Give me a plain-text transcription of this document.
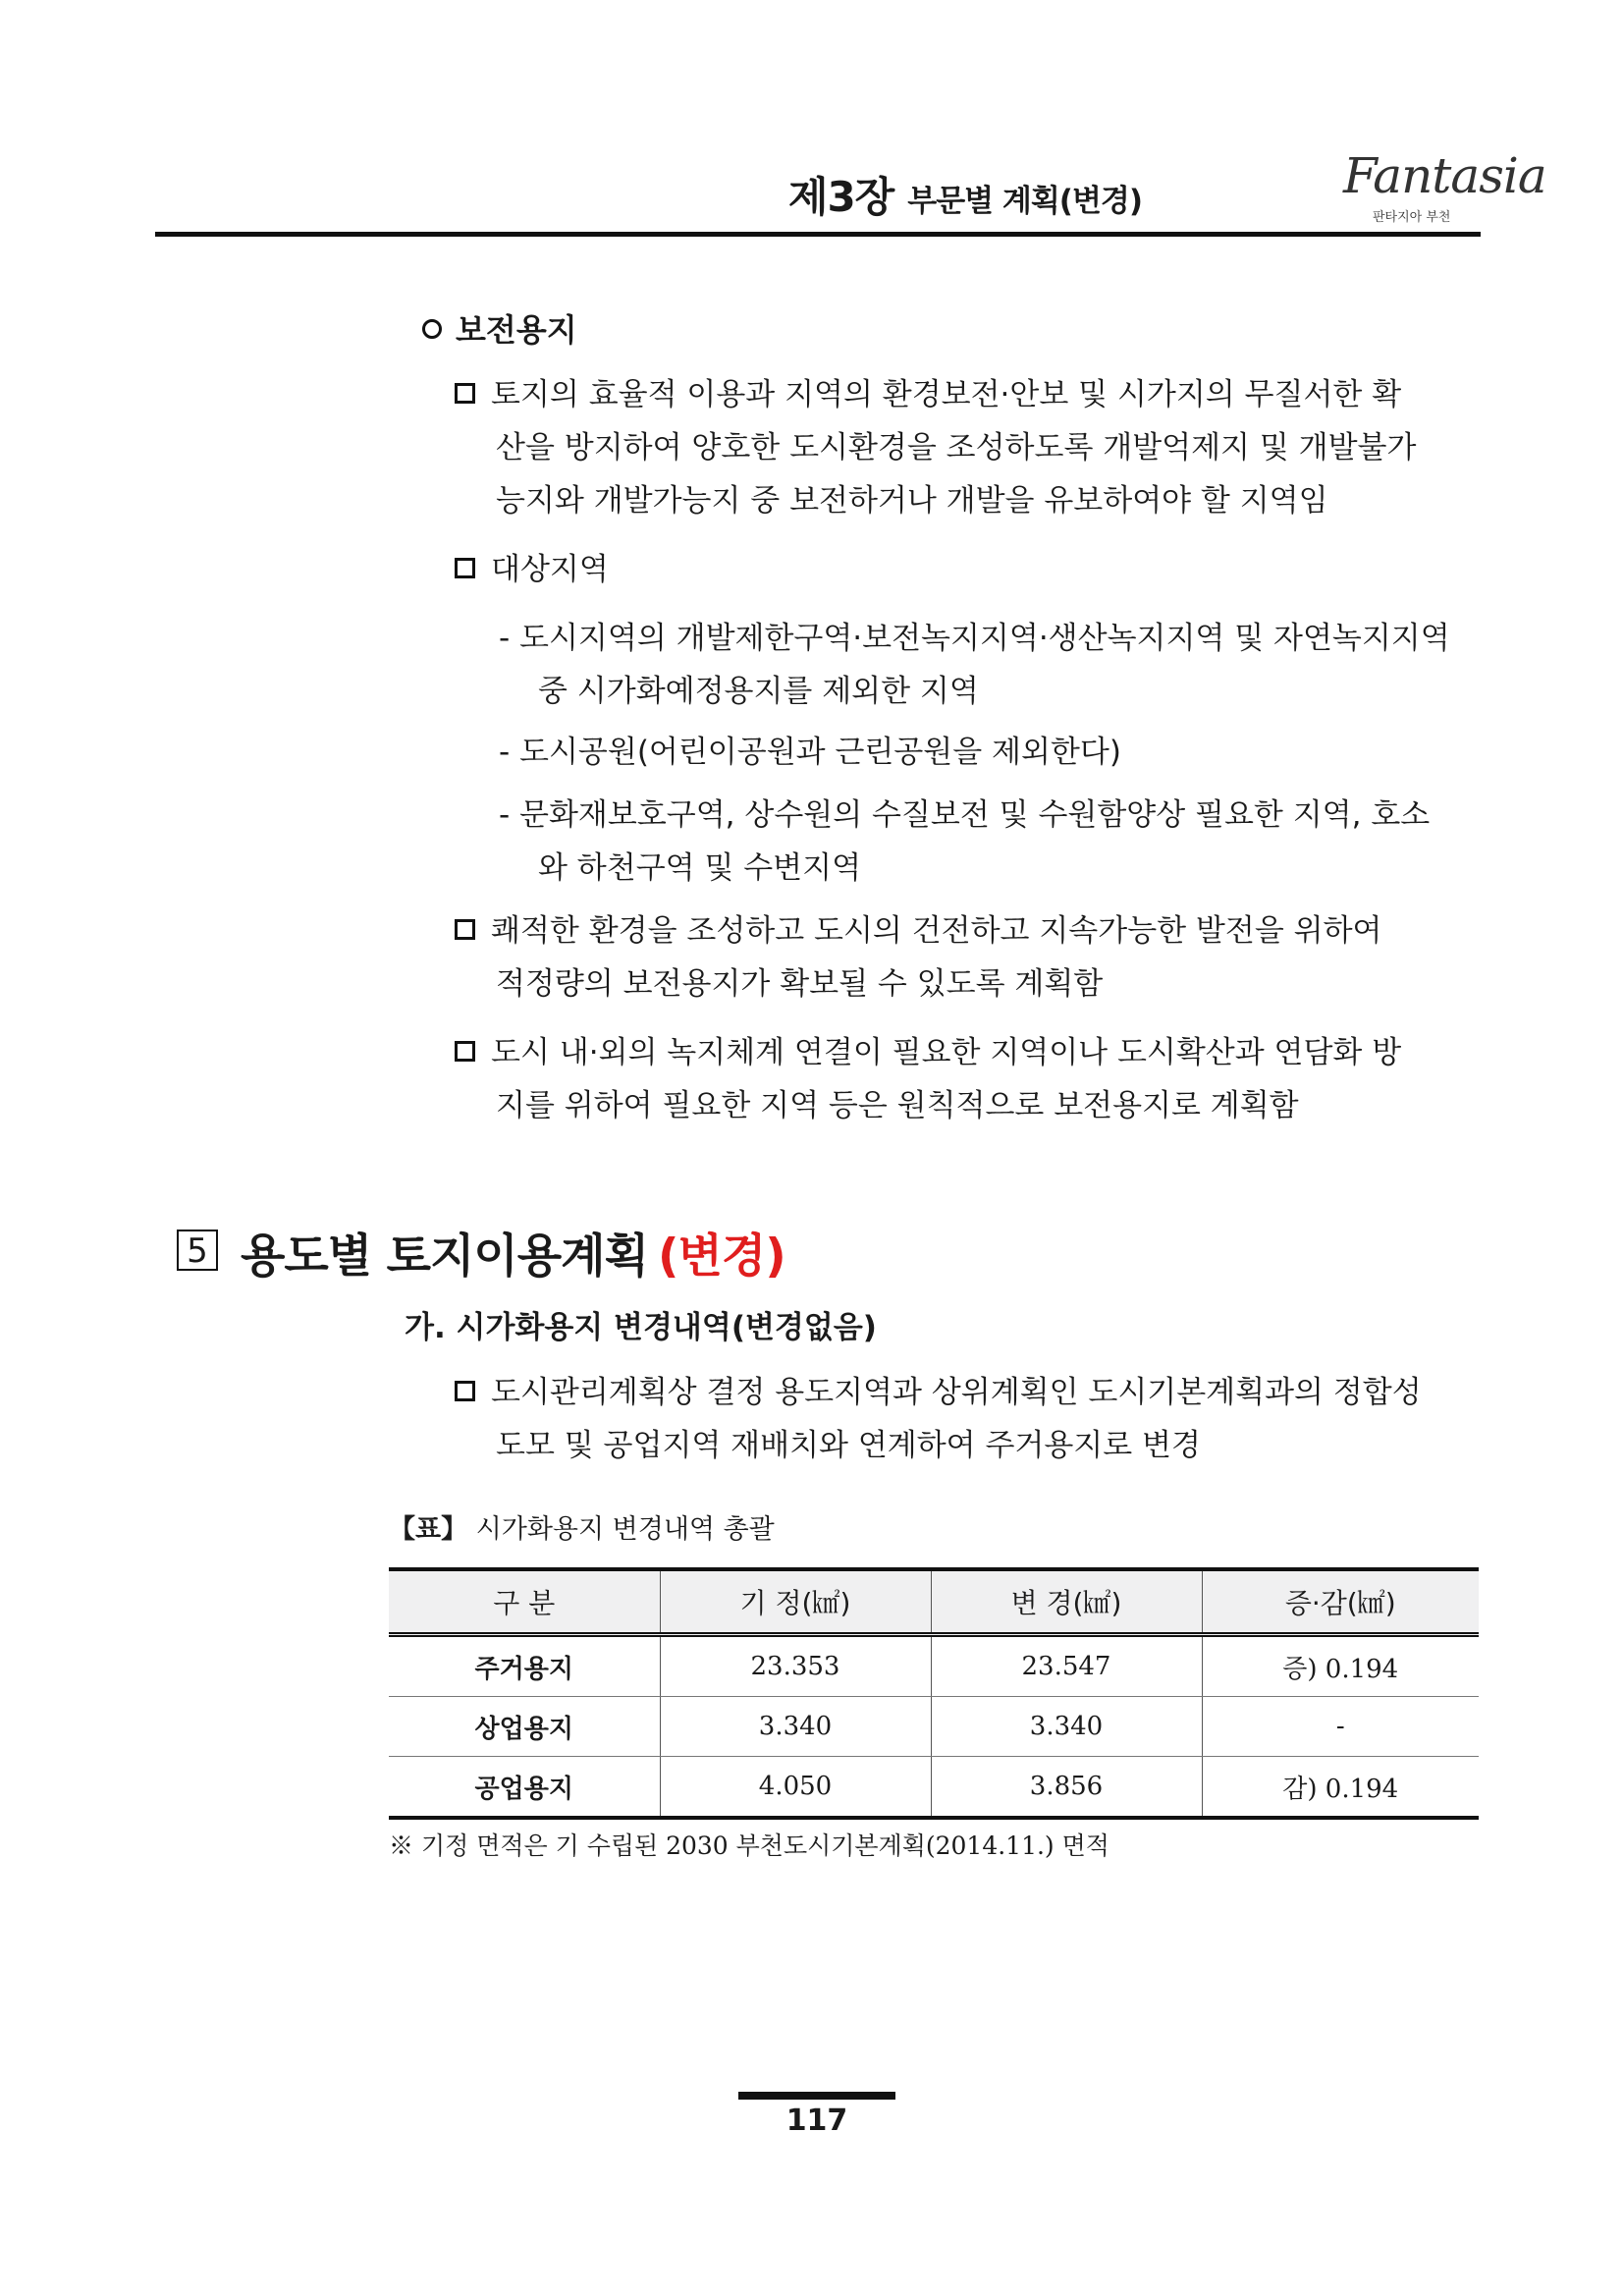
제3장 부문별 계획(변경)	Fantasia
판타지아 부천
보전용지
토지의 효율적 이용과 지역의 환경보전·안보 및 시가지의 무질서한 확
산을 방지하여 양호한 도시환경을 조성하도록 개발억제지 및 개발불가
능지와 개발가능지 중 보전하거나 개발을 유보하여야 할 지역임
대상지역
- 도시지역의 개발제한구역·보전녹지지역·생산녹지지역 및 자연녹지지역
중 시가화예정용지를 제외한 지역
- 도시공원(어린이공원과 근린공원을 제외한다)
- 문화재보호구역, 상수원의 수질보전 및 수원함양상 필요한 지역, 호소
와 하천구역 및 수변지역
쾌적한 환경을 조성하고 도시의 건전하고 지속가능한 발전을 위하여
적정량의 보전용지가 확보될 수 있도록 계획함
도시 내·외의 녹지체계 연결이 필요한 지역이나 도시확산과 연담화 방
지를 위하여 필요한 지역 등은 원칙적으로 보전용지로 계획함
5 용도별 토지이용계획 (변경)
가. 시가화용지 변경내역(변경없음)
도시관리계획상 결정 용도지역과 상위계획인 도시기본계획과의 정합성
도모 및 공업지역 재배치와 연계하여 주거용지로 변경
【표】 시가화용지 변경내역 총괄
구 분	기 정(㎢)	변 경(㎢)	증·감(㎢)
주거용지	23.353	23.547	증) 0.194
상업용지	3.340	3.340	-
공업용지	4.050	3.856	감) 0.194
※ 기정 면적은 기 수립된 2030 부천도시기본계획(2014.11.) 면적
117
